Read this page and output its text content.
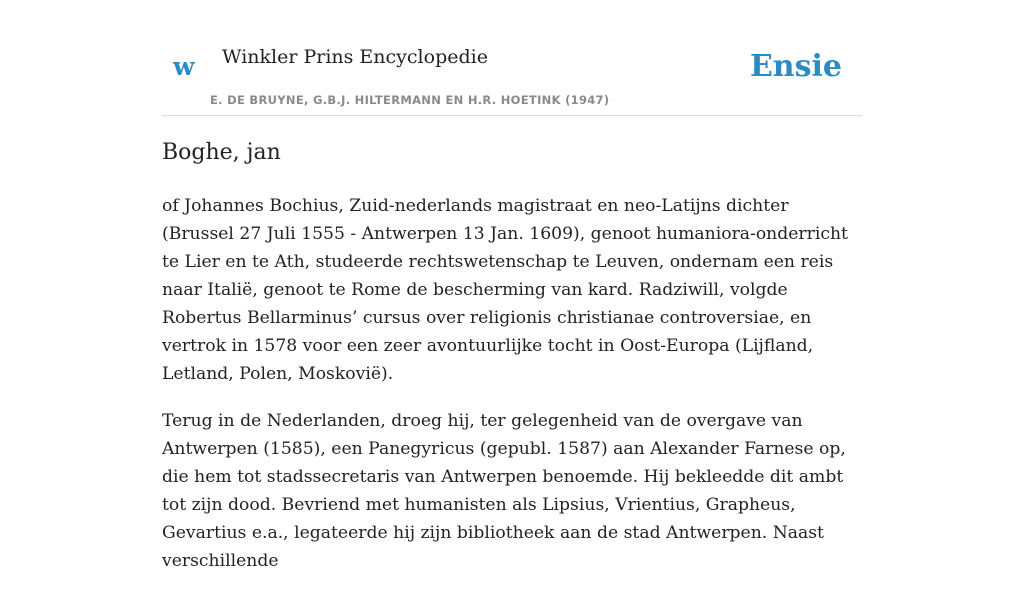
w Winkler Prins Encyclopedie
E. DE BRUYNE, G.B.J. HILTERMANN EN H.R. HOETINK (1947)
Ensie
Boghe, jan

of Johannes Bochius, Zuid-nederlands magistraat en neo-Latijns dichter (Brussel 27 Juli 1555 - Antwerpen 13 Jan. 1609), genoot humaniora-onderricht te Lier en te Ath, studeerde rechtswetenschap te Leuven, ondernam een reis naar Italië, genoot te Rome de bescherming van kard. Radziwill, volgde Robertus Bellarminus’ cursus over religionis christianae controversiae, en vertrok in 1578 voor een zeer avontuurlijke tocht in Oost-Europa (Lijfland, Letland, Polen, Moskovië).

Terug in de Nederlanden, droeg hij, ter gelegenheid van de overgave van Antwerpen (1585), een Panegyricus (gepubl. 1587) aan Alexander Farnese op, die hem tot stadssecretaris van Antwerpen benoemde. Hij bekleedde dit ambt tot zijn dood. Bevriend met humanisten als Lipsius, Vrientius, Grapheus, Gevartius e.a., legateerde hij zijn bibliotheek aan de stad Antwerpen. Naast verschillende
